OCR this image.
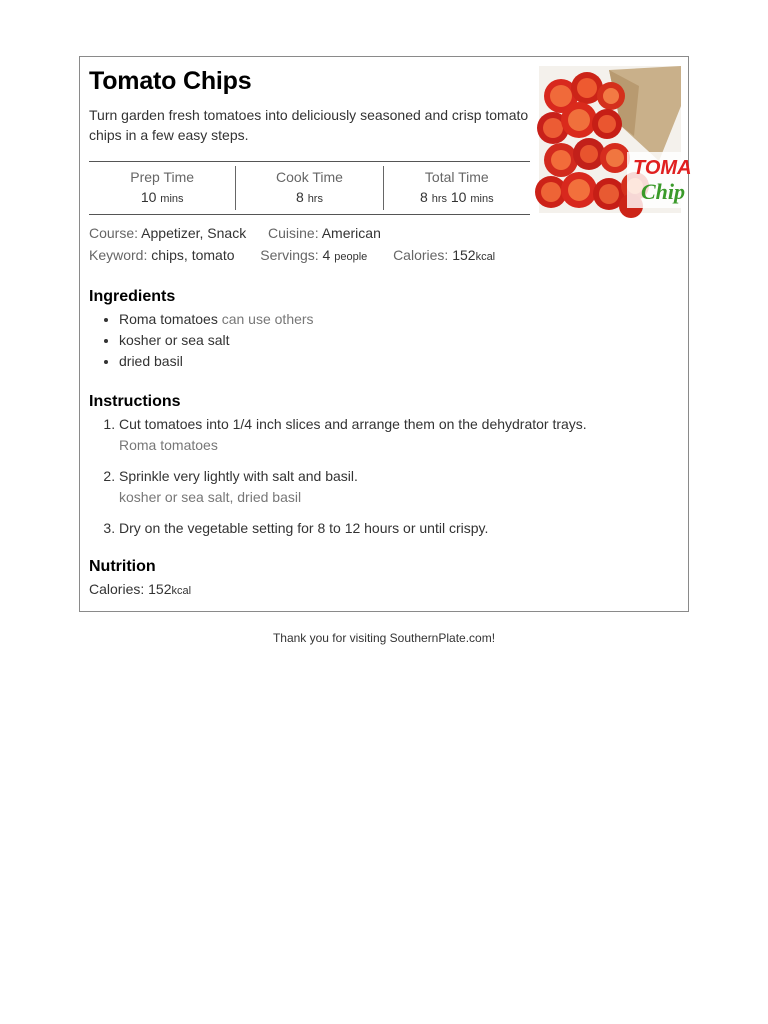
Tomato Chips

Turn garden fresh tomatoes into deliciously seasoned and crisp tomato chips in a few easy steps.

TOMA
Chip
Prep Time
10 mins
Cook Time
8 hrs
Total Time
8 hrs 10 mins
Course: Appetizer, Snack Cuisine: American
Keyword: chips, tomato Servings: 4 people Calories: 152kcal
Ingredients
• Roma tomatoes can use others
• kosher or sea salt
• dried basil
Instructions
1. Cut tomatoes into 1/4 inch slices and arrange them on the dehydrator trays.
Roma tomatoes
2. Sprinkle very lightly with salt and basil.
kosher or sea salt, dried basil
3. Dry on the vegetable setting for 8 to 12 hours or until crispy.
Nutrition
Calories: 152kcal
Thank you for visiting SouthernPlate.com!
